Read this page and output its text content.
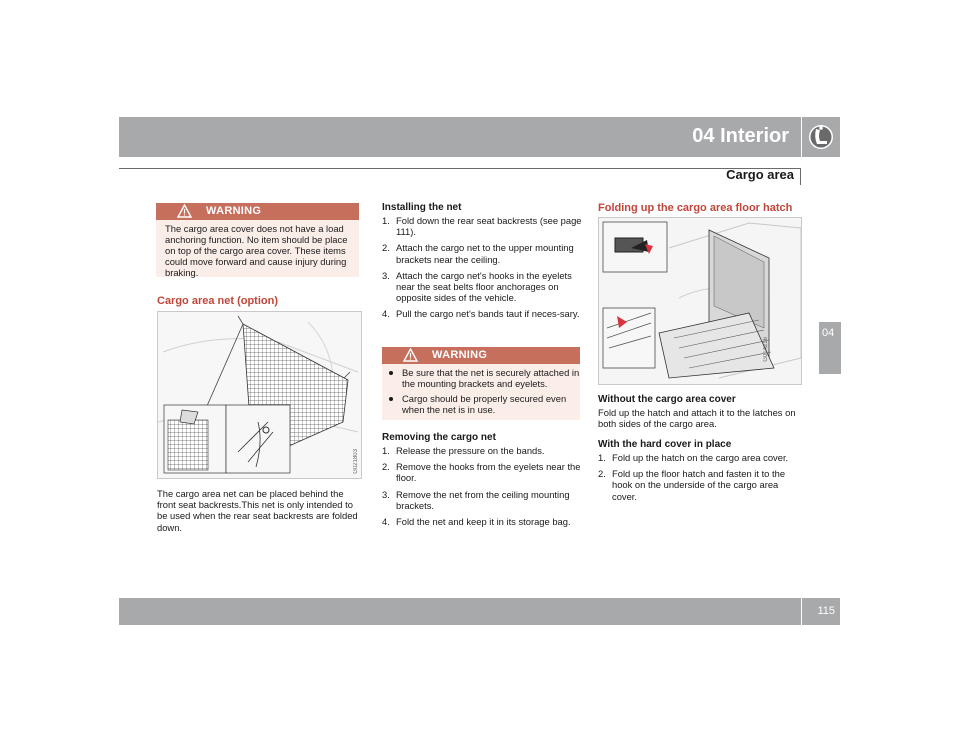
04 Interior
Cargo area
04
115
WARNING
The cargo area cover does not have a load anchoring function. No item should be place on top of the cargo area cover. These items could move forward and cause injury during braking.
Cargo area net (option)
G021803
The cargo area net can be placed behind the front seat backrests.This net is only intended to be used when the rear seat backrests are folded down.
Installing the net
1. Fold down the rear seat backrests (see page 111).
2. Attach the cargo net to the upper mounting brackets near the ceiling.
3. Attach the cargo net's hooks in the eyelets near the seat belts floor anchorages on opposite sides of the vehicle.
4. Pull the cargo net's bands taut if neces-sary.
WARNING
Be sure that the net is securely attached in the mounting brackets and eyelets.
Cargo should be properly secured even when the net is in use.
Removing the cargo net
1. Release the pressure on the bands.
2. Remove the hooks from the eyelets near the floor.
3. Remove the net from the ceiling mounting brackets.
4. Fold the net and keep it in its storage bag.
Folding up the cargo area floor hatch
G014216
Without the cargo area cover
Fold up the hatch and attach it to the latches on both sides of the cargo area.
With the hard cover in place
1. Fold up the hatch on the cargo area cover.
2. Fold up the floor hatch and fasten it to the hook on the underside of the cargo area cover.
